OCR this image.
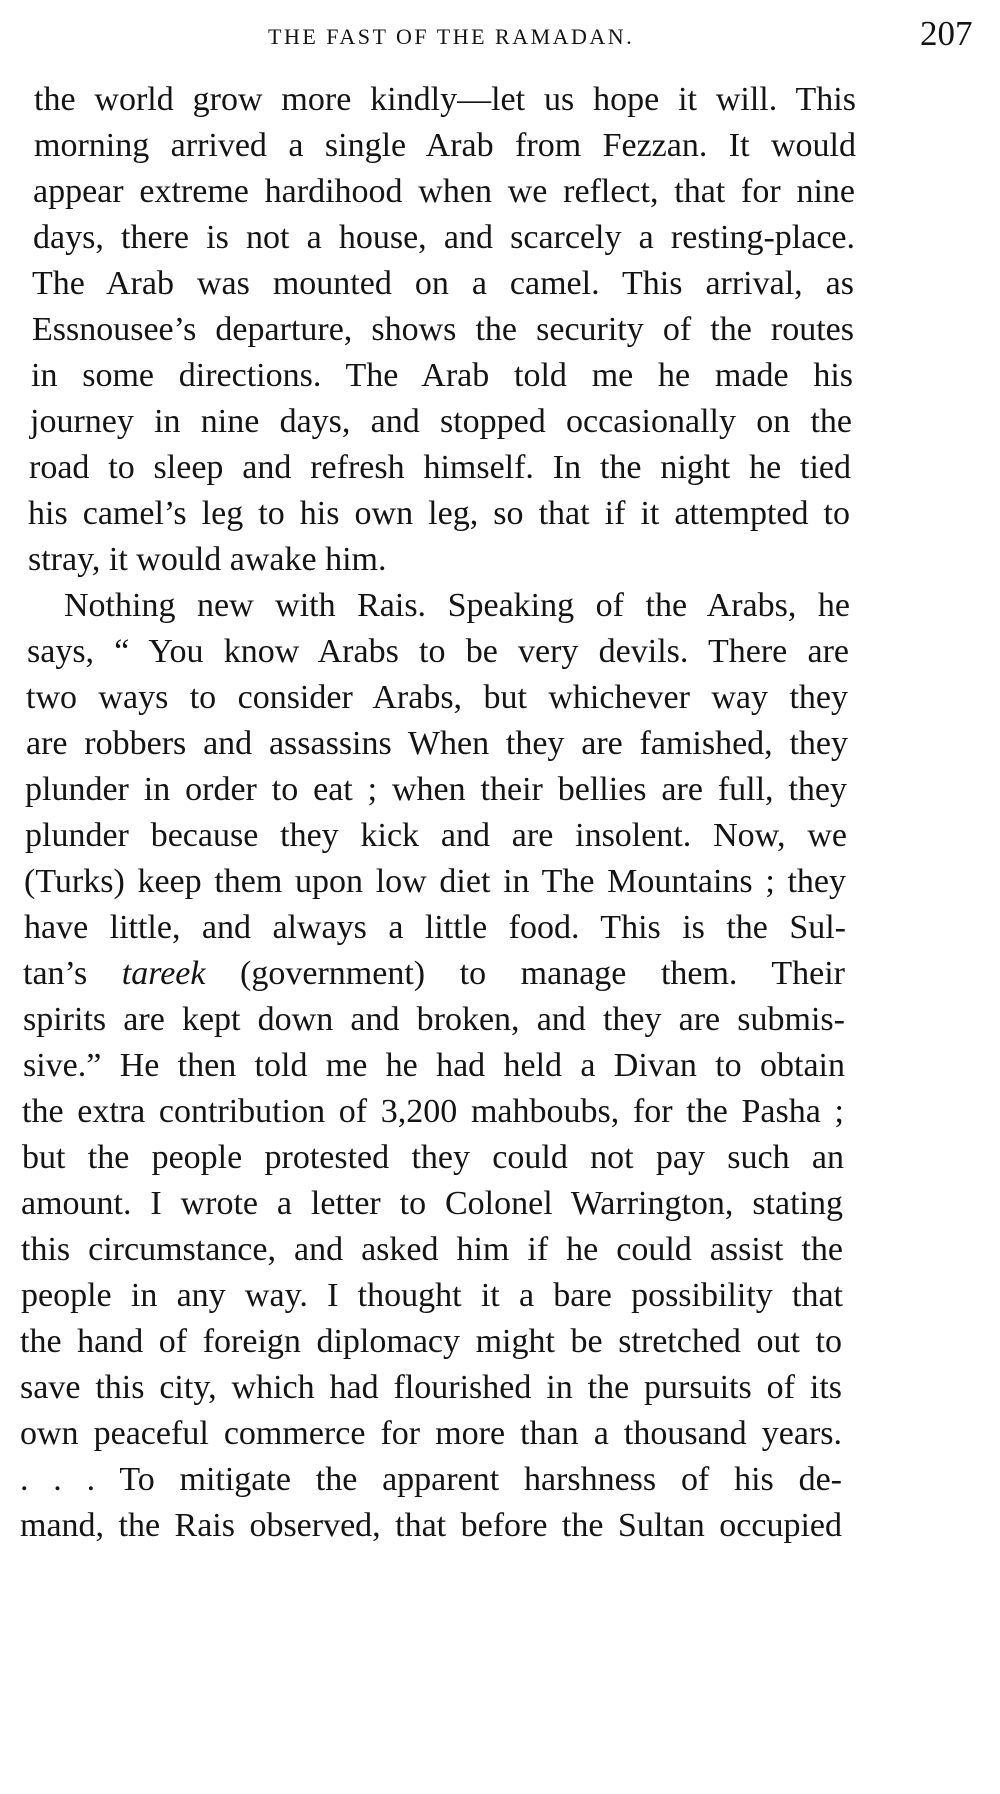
THE FAST OF THE RAMADAN.	207
the world grow more kindly—let us hope it will. This
morning arrived a single Arab from Fezzan. It would
appear extreme hardihood when we reflect, that for nine
days, there is not a house, and scarcely a resting-place.
The Arab was mounted on a camel. This arrival, as
Essnousee’s departure, shows the security of the routes
in some directions. The Arab told me he made his
journey in nine days, and stopped occasionally on the
road to sleep and refresh himself. In the night he tied
his camel’s leg to his own leg, so that if it attempted to
stray, it would awake him.
Nothing new with Rais. Speaking of the Arabs, he
says, “ You know Arabs to be very devils. There are
two ways to consider Arabs, but whichever way they
are robbers and assassins When they are famished, they
plunder in order to eat ; when their bellies are full, they
plunder because they kick and are insolent. Now, we
(Turks) keep them upon low diet in The Mountains ; they
have little, and always a little food. This is the Sul-
tan’s tareek (government) to manage them. Their
spirits are kept down and broken, and they are submis-
sive.” He then told me he had held a Divan to obtain
the extra contribution of 3,200 mahboubs, for the Pasha ;
but the people protested they could not pay such an
amount. I wrote a letter to Colonel Warrington, stating
this circumstance, and asked him if he could assist the
people in any way. I thought it a bare possibility that
the hand of foreign diplomacy might be stretched out to
save this city, which had flourished in the pursuits of its
own peaceful commerce for more than a thousand years.
. . . To mitigate the apparent harshness of his de-
mand, the Rais observed, that before the Sultan occupied
